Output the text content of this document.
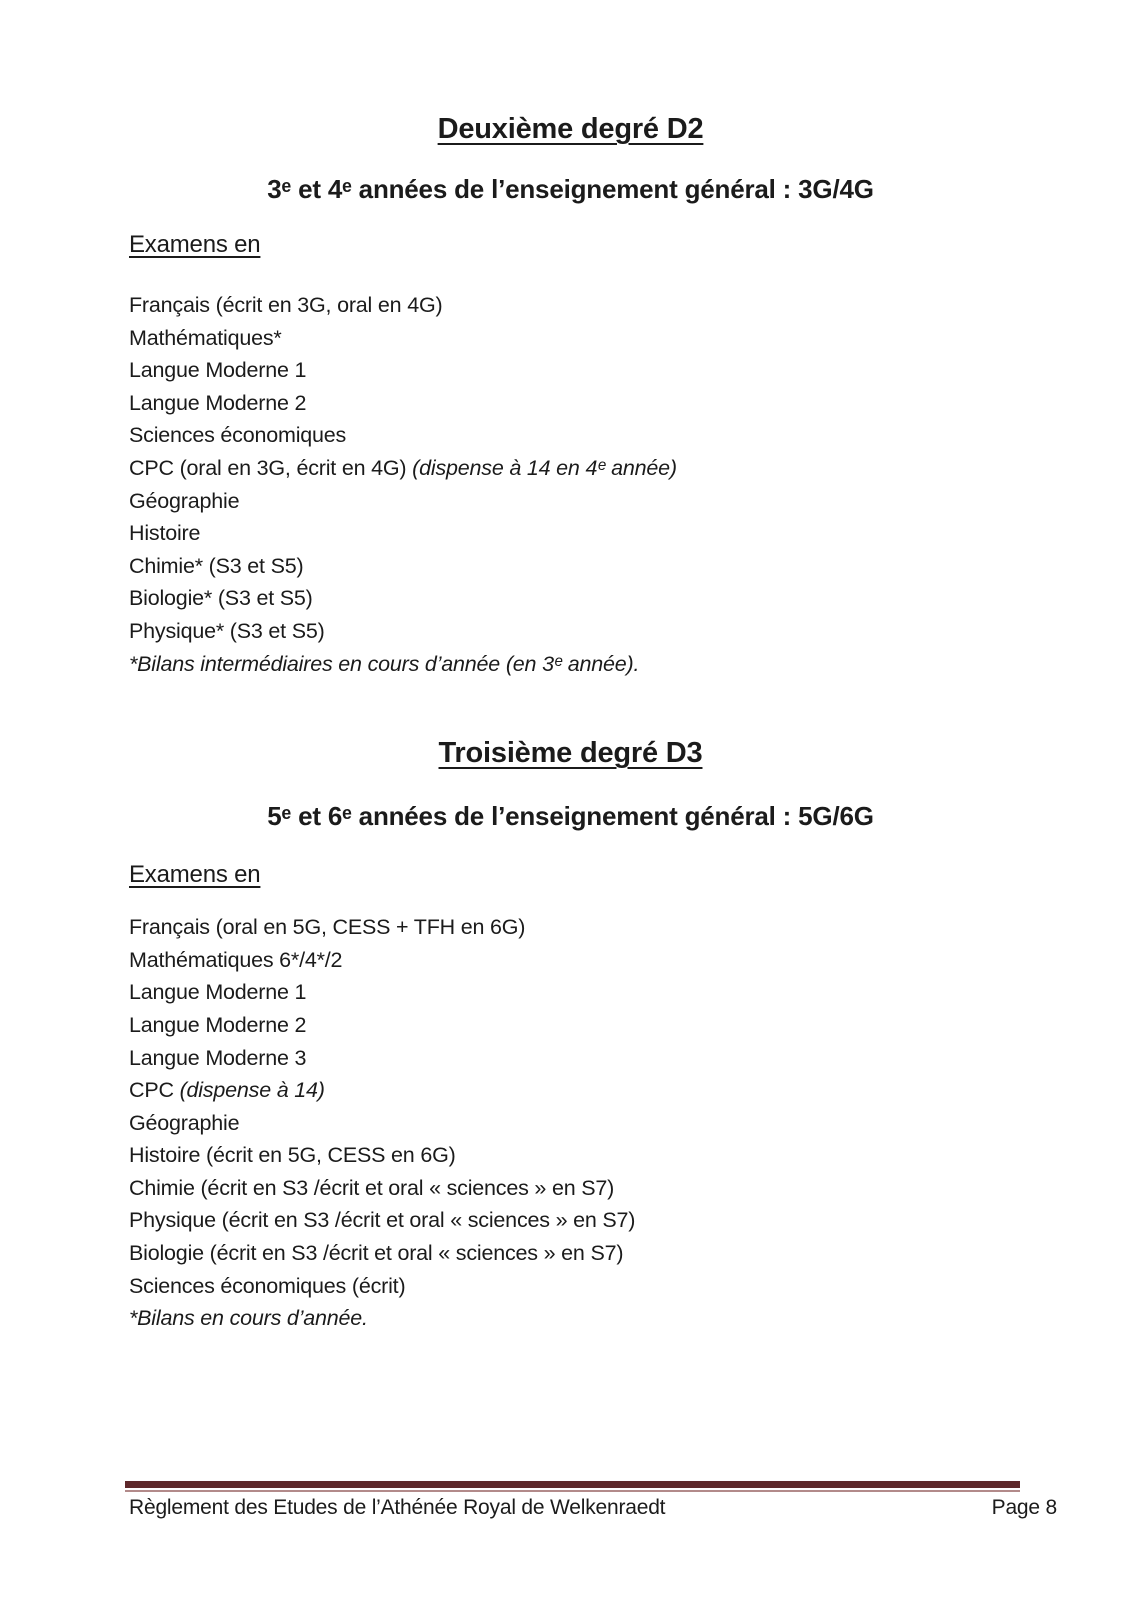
Deuxième degré D2
3ᵉ et 4ᵉ années de l’enseignement général : 3G/4G
Examens en
Français (écrit en 3G, oral en 4G)
Mathématiques*
Langue Moderne 1
Langue Moderne 2
Sciences économiques
CPC (oral en 3G, écrit en 4G) (dispense à 14 en 4ᵉ année)
Géographie
Histoire
Chimie* (S3 et S5)
Biologie* (S3 et S5)
Physique* (S3 et S5)
*Bilans intermédiaires en cours d’année (en 3ᵉ année).
Troisième degré D3
5ᵉ et 6ᵉ années de l’enseignement général : 5G/6G
Examens en
Français (oral en 5G, CESS + TFH en 6G)
Mathématiques 6*/4*/2
Langue Moderne 1
Langue Moderne 2
Langue Moderne 3
CPC (dispense à 14)
Géographie
Histoire (écrit en 5G, CESS en 6G)
Chimie (écrit en S3 /écrit et oral « sciences » en S7)
Physique (écrit en S3 /écrit et oral « sciences » en S7)
Biologie (écrit en S3 /écrit et oral « sciences » en S7)
Sciences économiques (écrit)
*Bilans en cours d’année.
Règlement des Etudes de l’Athénée Royal de Welkenraedt	Page 8
